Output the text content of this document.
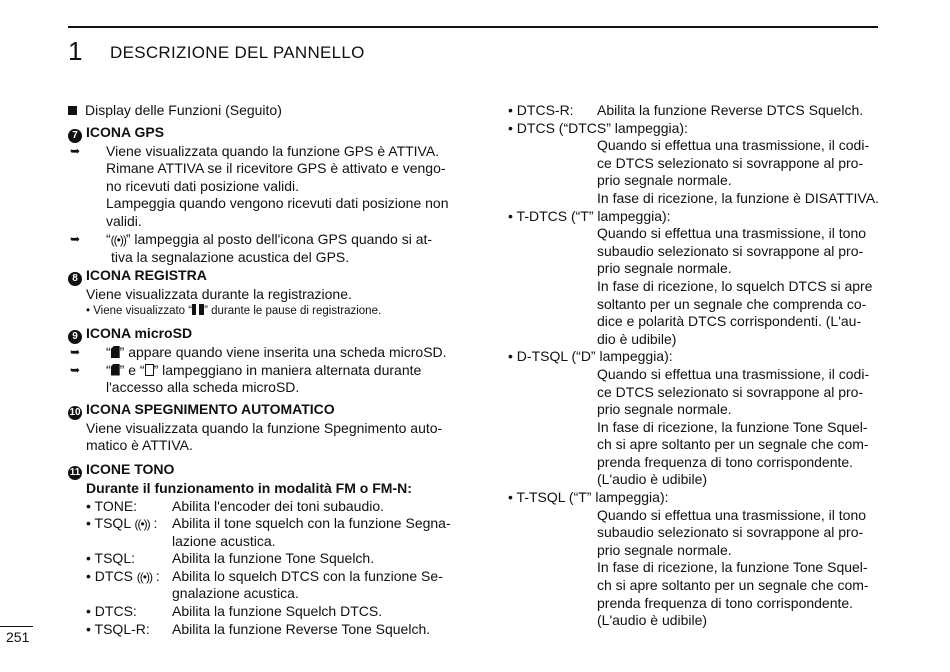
1 DESCRIZIONE DEL PANNELLO
Display delle Funzioni (Seguito)
7 ICONA GPS
➥ Viene visualizzata quando la funzione GPS è ATTIVA.
Rimane ATTIVA se il ricevitore GPS è attivato e vengo-
no ricevuti dati posizione validi.
Lampeggia quando vengono ricevuti dati posizione non
validi.
➥ “((•))” lampeggia al posto dell'icona GPS quando si at-
tiva la segnalazione acustica del GPS.
8 ICONA REGISTRA
Viene visualizzata durante la registrazione.
• Viene visualizzato “ ” durante le pause di registrazione.
9 ICONA microSD
➥ “ ” appare quando viene inserita una scheda microSD.
➥ “ ” e “ ” lampeggiano in maniera alternata durante
l'accesso alla scheda microSD.
10 ICONA SPEGNIMENTO AUTOMATICO
Viene visualizzata quando la funzione Spegnimento auto-
matico è ATTIVA.
11 ICONE TONO
Durante il funzionamento in modalità FM o FM-N:
• TONE:	Abilita l'encoder dei toni subaudio.
• TSQL ((•)) :	Abilita il tone squelch con la funzione Segna-
lazione acustica.
• TSQL:	Abilita la funzione Tone Squelch.
• DTCS ((•)) : Abilita lo squelch DTCS con la funzione Se-
gnalazione acustica.
• DTCS:	Abilita la funzione Squelch DTCS.
• TSQL-R:	Abilita la funzione Reverse Tone Squelch.
• DTCS-R:	Abilita la funzione Reverse DTCS Squelch.
• DTCS (“DTCS” lampeggia):
Quando si effettua una trasmissione, il codi-
ce DTCS selezionato si sovrappone al pro-
prio segnale normale.
In fase di ricezione, la funzione è DISATTIVA.
• T-DTCS (“T” lampeggia):
Quando si effettua una trasmissione, il tono
subaudio selezionato si sovrappone al pro-
prio segnale normale.
In fase di ricezione, lo squelch DTCS si apre
soltanto per un segnale che comprenda co-
dice e polarità DTCS corrispondenti. (L'au-
dio è udibile)
• D-TSQL (“D” lampeggia):
Quando si effettua una trasmissione, il codi-
ce DTCS selezionato si sovrappone al pro-
prio segnale normale.
In fase di ricezione, la funzione Tone Squel-
ch si apre soltanto per un segnale che com-
prenda frequenza di tono corrispondente.
(L'audio è udibile)
• T-TSQL (“T” lampeggia):
Quando si effettua una trasmissione, il tono
subaudio selezionato si sovrappone al pro-
prio segnale normale.
In fase di ricezione, la funzione Tone Squel-
ch si apre soltanto per un segnale che com-
prenda frequenza di tono corrispondente.
(L'audio è udibile)
251
